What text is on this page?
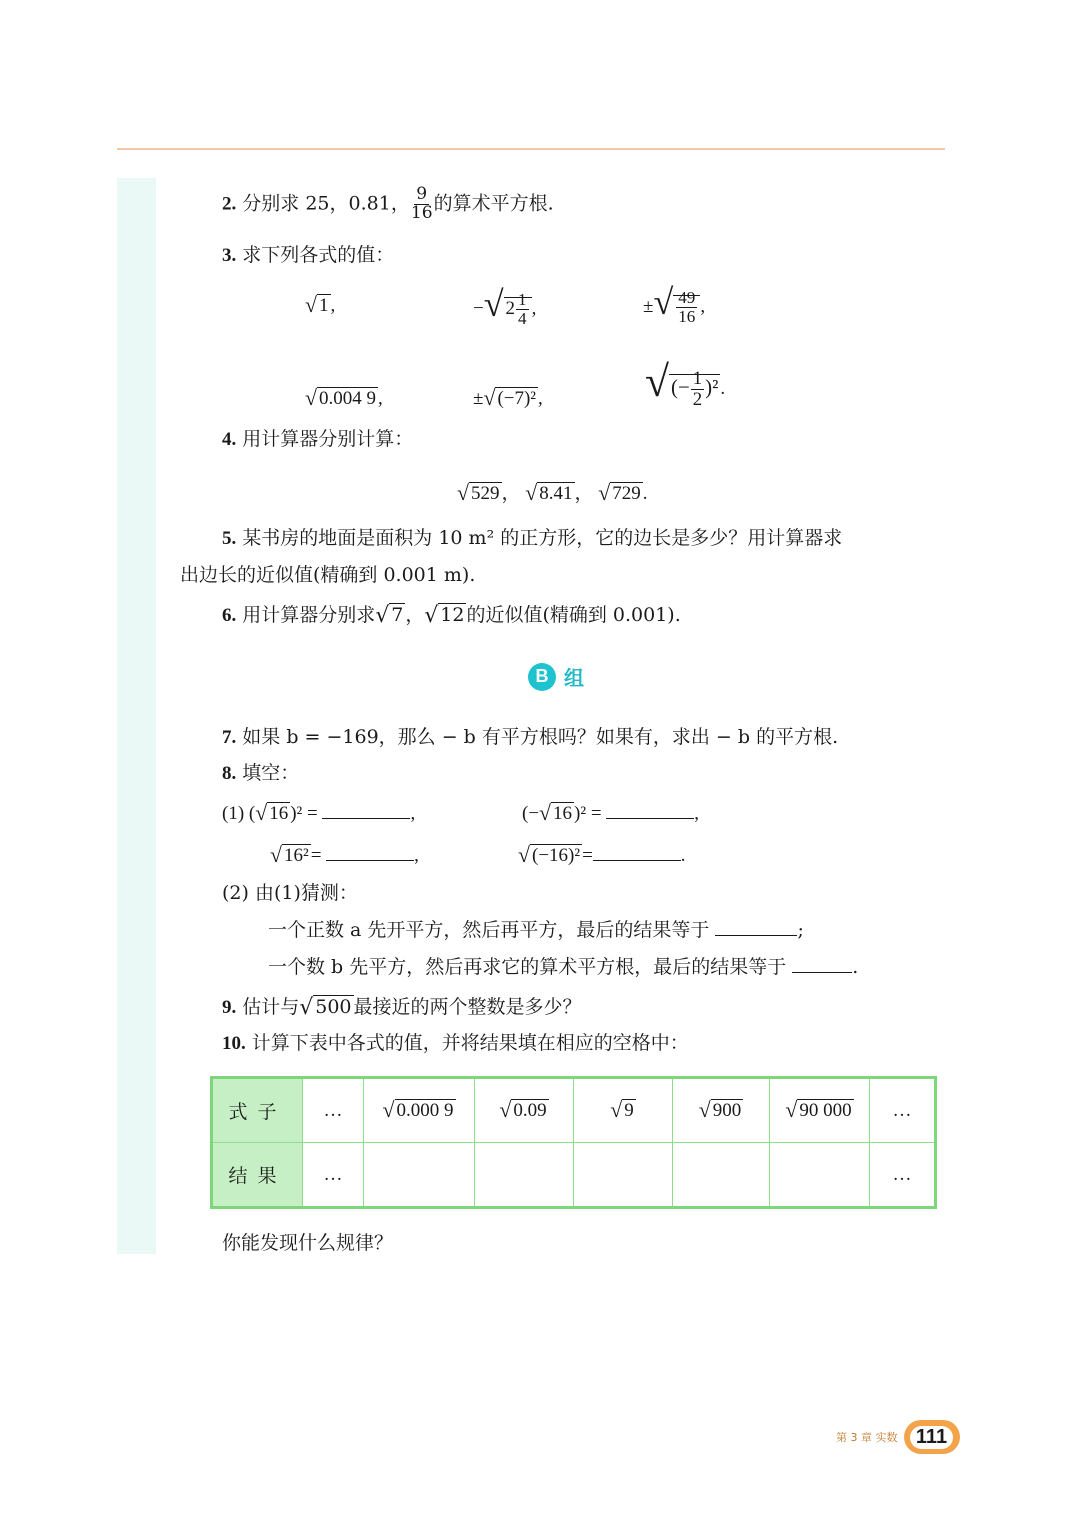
2. 分别求 25，0.81， $\frac{9}{16}$ 的算术平方根.
3. 求下列各式的值：
√ 1 ,	−√ $2 \frac{1}{4}$ ,	±√ $\frac{49}{16}$ ,
√ 0.004 9 ,	±√ (−7)² , √(− $\frac{1}{2} )^2$ .
4. 用计算器分别计算：
√ 529 ， √ 8.41 ， √ 729 .
5. 某书房的地面是面积为 10 m² 的正方形，它的边长是多少？用计算器求
出边长的近似值(精确到 0.001 m).
6. 用计算器分别求√ 7 ，√ 12 的近似值(精确到 0.001).
B 组
7. 如果 b = −169，那么 − b 有平方根吗？如果有，求出 − b 的平方根.
8. 填空：
(1) (√ 16 )² =	,	(−√ 16 )² =	,
√ 16² =	,	√ (−16)² =	.
(2) 由(1)猜测：
一个正数 a 先开平方，然后再平方，最后的结果等于	;
一个数 b 先平方，然后再求它的算术平方根，最后的结果等于	.
9. 估计与√ 500 最接近的两个整数是多少？
10. 计算下表中各式的值，并将结果填在相应的空格中：
式子	…	√ 0.000 9	√ 0.09	√ 9	√ 900	√ 90 000	…
结果	…						…
你能发现什么规律？
第 3 章 实数 111
